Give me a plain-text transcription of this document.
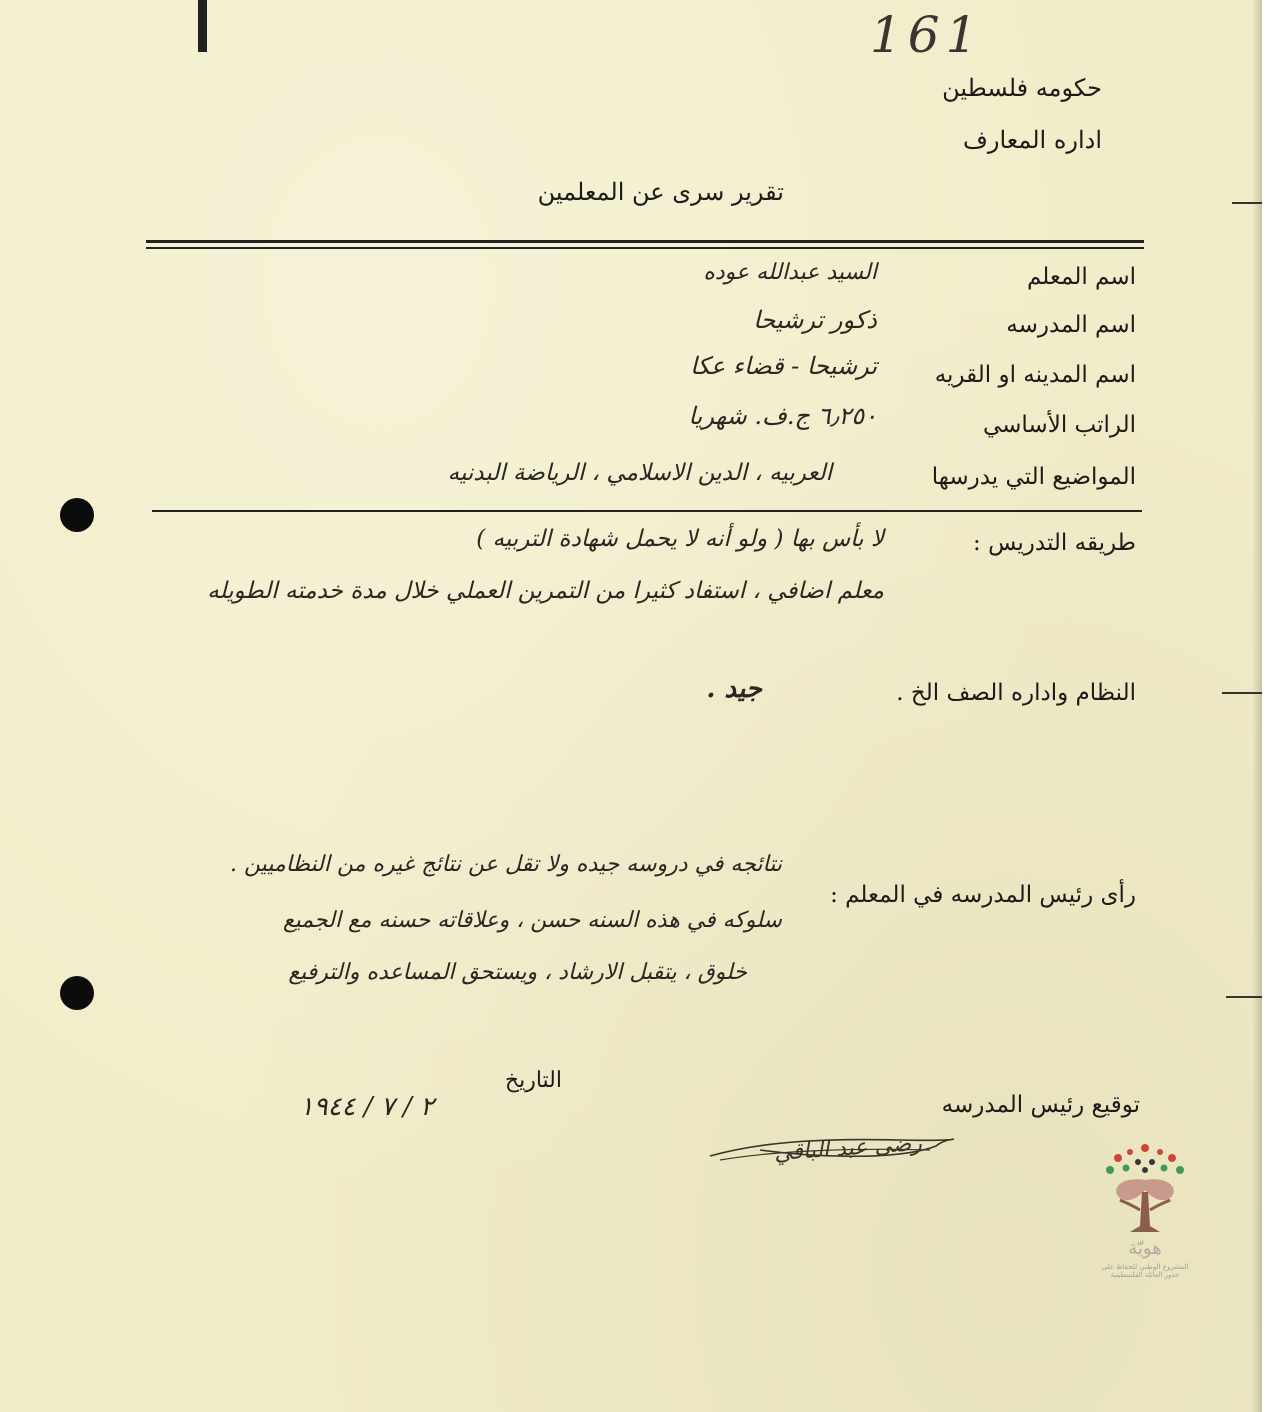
161
حكومه فلسطين
اداره المعارف
تقرير سرى عن المعلمين
اسم المعلم
السيد عبدالله عوده
اسم المدرسه
ذكور ترشيحا
اسم المدينه او القريه
ترشيحا - قضاء عكا
الراتب الأساسي
٦٫٢٥٠ ج.ف. شهريا
المواضيع التي يدرسها
العربيه ، الدين الاسلامي ، الرياضة البدنيه
طريقه التدريس :
لا بأس بها ( ولو أنه لا يحمل شهادة التربيه )
معلم اضافي ، استفاد كثيرا من التمرين العملي خلال مدة خدمته الطويله
النظام واداره الصف الخ .
جيد .
رأى رئيس المدرسه في المعلم :
نتائجه في دروسه جيده ولا تقل عن نتائج غيره من النظاميين .
سلوكه في هذه السنه حسن ، وعلاقاته حسنه مع الجميع
خلوق ، يتقبل الارشاد ، ويستحق المساعده والترفيع
التاريخ
٢ / ٧ / ١٩٤٤	توقيع رئيس المدرسه
رضى عبد الباقي
هويّة
المشروع الوطني للحفاظ على
جذور العائلة الفلسطينية
